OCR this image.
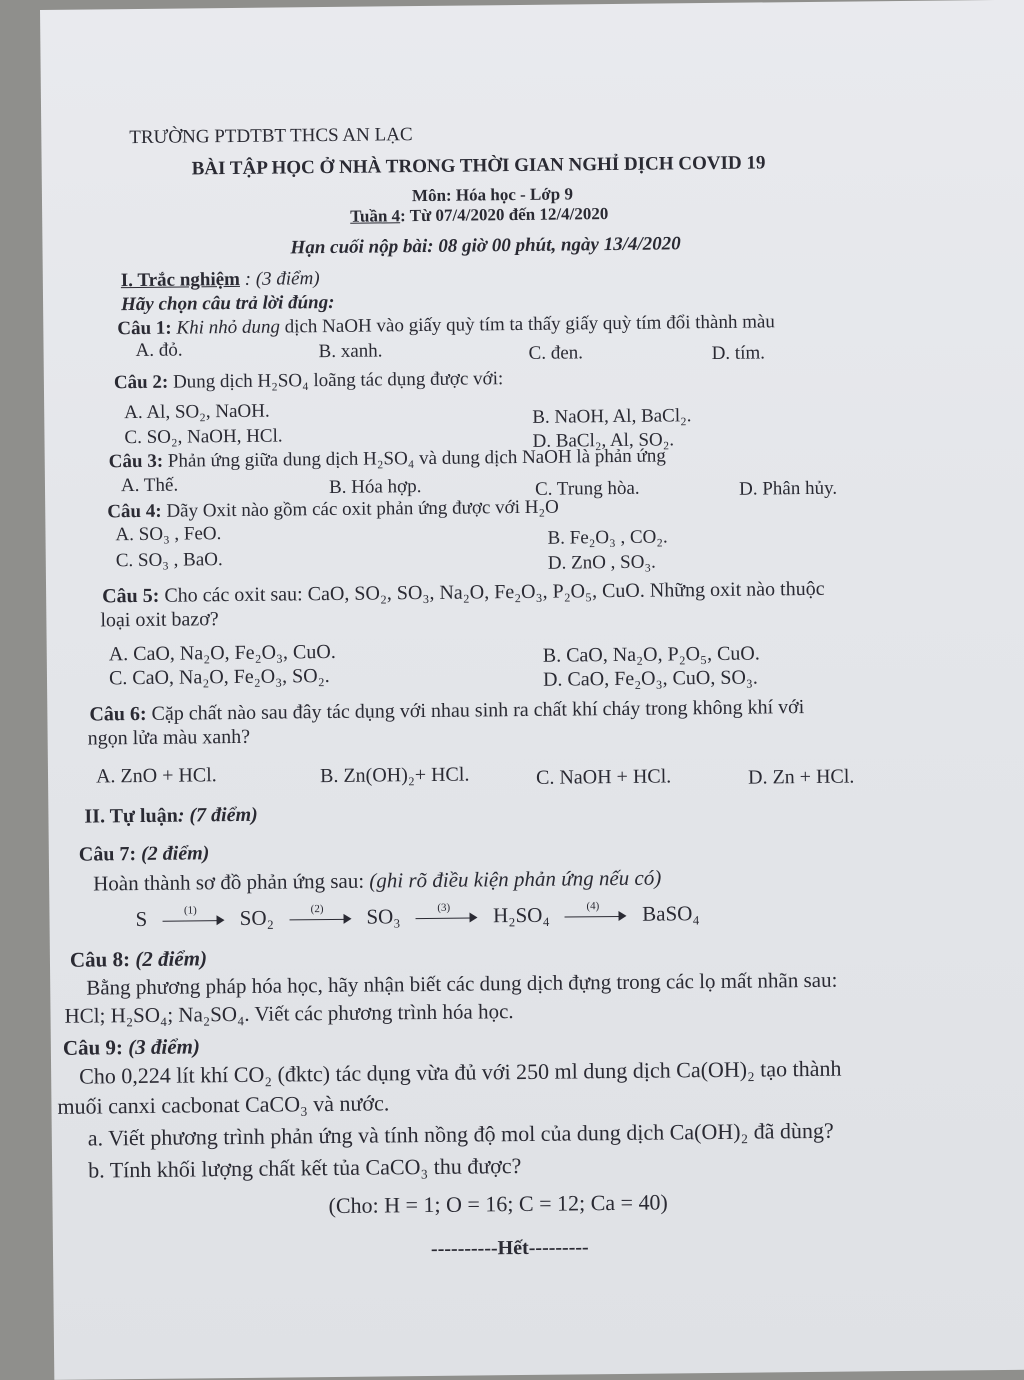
TRƯỜNG PTDTBT THCS AN LẠC
BÀI TẬP HỌC Ở NHÀ TRONG THỜI GIAN NGHỈ DỊCH COVID 19
Môn: Hóa học - Lớp 9
Tuần 4: Từ 07/4/2020 đến 12/4/2020
Hạn cuối nộp bài: 08 giờ 00 phút, ngày 13/4/2020
I. Trắc nghiệm : (3 điểm)
Hãy chọn câu trả lời đúng:
Câu 1: Khi nhỏ dung dịch NaOH vào giấy quỳ tím ta thấy giấy quỳ tím đổi thành màu
A. đỏ.	B. xanh.	C. đen.	D. tím.
Câu 2: Dung dịch H₂SO₄ loãng tác dụng được với:
A. Al, SO₂, NaOH.	B. NaOH, Al, BaCl₂.
C. SO₂, NaOH, HCl.	D. BaCl₂, Al, SO₂.
Câu 3: Phản ứng giữa dung dịch H₂SO₄ và dung dịch NaOH là phản ứng
A. Thế.	B. Hóa hợp.	C. Trung hòa.	D. Phân hủy.
Câu 4: Dãy Oxit nào gồm các oxit phản ứng được với H₂O
A. SO₃ , FeO.	B. Fe₂O₃ , CO₂.
C. SO₃ , BaO.	D. ZnO , SO₃.
Câu 5: Cho các oxit sau: CaO, SO₂, SO₃, Na₂O, Fe₂O₃, P₂O₅, CuO. Những oxit nào thuộc
loại oxit bazơ?
A. CaO, Na₂O, Fe₂O₃, CuO.	B. CaO, Na₂O, P₂O₅, CuO.
C. CaO, Na₂O, Fe₂O₃, SO₂.	D. CaO, Fe₂O₃, CuO, SO₃.
Câu 6: Cặp chất nào sau đây tác dụng với nhau sinh ra chất khí cháy trong không khí với
ngọn lửa màu xanh?
A. ZnO + HCl.	B. Zn(OH)₂+ HCl.	C. NaOH + HCl.	D. Zn + HCl.
II. Tự luận: (7 điểm)
Câu 7: (2 điểm)
Hoàn thành sơ đồ phản ứng sau: (ghi rõ điều kiện phản ứng nếu có)
S	(1)	SO₂	(2)	SO₃	(3)	H₂SO₄	(4)	BaSO₄
Câu 8: (2 điểm)
Bằng phương pháp hóa học, hãy nhận biết các dung dịch đựng trong các lọ mất nhãn sau:
HCl; H₂SO₄; Na₂SO₄. Viết các phương trình hóa học.
Câu 9: (3 điểm)
Cho 0,224 lít khí CO₂ (đktc) tác dụng vừa đủ với 250 ml dung dịch Ca(OH)₂ tạo thành
muối canxi cacbonat CaCO₃ và nước.
a. Viết phương trình phản ứng và tính nồng độ mol của dung dịch Ca(OH)₂ đã dùng?
b. Tính khối lượng chất kết tủa CaCO₃ thu được?
(Cho: H = 1; O = 16; C = 12; Ca = 40)
----------Hết---------
